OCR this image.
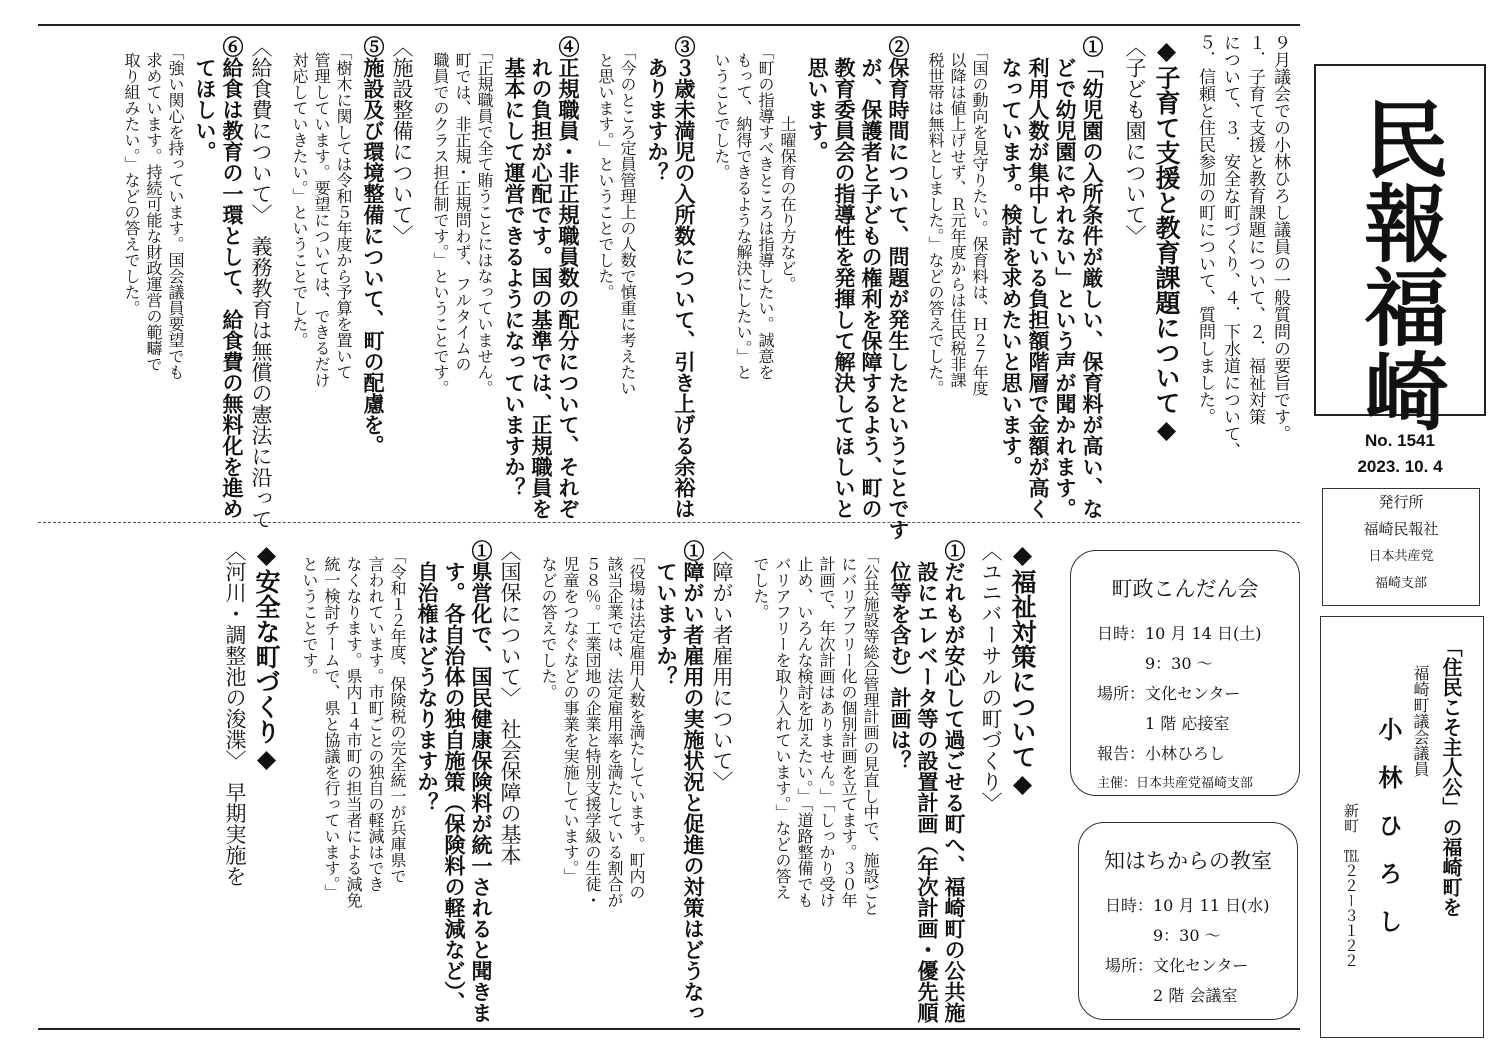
民報福崎
No. 1541
2023. 10. 4
発行所
福崎民報社
日本共産党
福崎支部
「住民こそ主人公」の福崎町を
福崎町議会議員
小　林　ひ　ろ　し
新町　℡２２ー３１２２
９月議会での小林ひろし議員の一般質問の要旨です。
１．子育て支援と教育課題について、２．福祉対策
について、３．安全な町づくり、４．下水道について、
５．信頼と住民参加の町について、質問しました。
◆子育て支援と教育課題について◆
〈子ども園について〉
①「幼児園の入所条件が厳しい、保育料が高い、な
　どで幼児園にやれない」という声が聞かれます。
　利用人数が集中している負担額階層で金額が高く
　なっています。検討を求めたいと思います。
　「国の動向を見守りたい。保育料は、Ｈ２７年度
　以降は値上げせず、Ｒ元年度からは住民税非課
　税世帯は無料としました。」などの答えでした。
②保育時間について、問題が発生したということです
　が、保護者と子どもの権利を保障するよう、町の
　教育委員会の指導性を発揮して解決してほしいと
　思います。
　　　　　土曜保育の在り方など。
　「町の指導すべきところは指導したい。誠意を
　もって、納得できるような解決にしたい。」と
　いうことでした。
③３歳未満児の入所数について、引き上げる余裕は
　ありますか？
　「今のところ定員管理上の人数で慎重に考えたい
　と思います。」ということでした。
④正規職員・非正規職員数の配分について、それぞ
　れの負担が心配です。国の基準では、正規職員を
　基本にして運営できるようになっていますか？
　「正規職員で全て賄うことにはなっていません。
　町では、非正規・正規問わず、フルタイムの
　職員でのクラス担任制です。」ということです。
〈施設整備について〉
⑤施設及び環境整備について、町の配慮を。
　「樹木に関しては令和５年度から予算を置いて
　管理しています。要望については、できるだけ
　対応していきたい。」ということでした。
〈給食費について〉　義務教育は無償の憲法に沿って
⑥給食は教育の一環として、給食費の無料化を進め
　てほしい。
　「強い関心を持っています。国会議員要望でも
　求めています。持続可能な財政運営の範疇で
　取り組みたい。」などの答えでした。
◆福祉対策について◆
〈ユニバーサルの町づくり〉
①だれもが安心して過ごせる町へ、福崎町の公共施
　設にエレベータ等の設置計画（年次計画・優先順
　位等を含む）計画は？
　「公共施設等総合管理計画の見直し中で、施設ごと
　にバリアフリー化の個別計画を立てます。３０年
　計画で、年次計画はありません。」「しっかり受け
　止め、いろんな検討を加えたい。」「道路整備でも
　バリアフリーを取り入れています。」などの答え
　でした。
〈障がい者雇用について〉
①障がい者雇用の実施状況と促進の対策はどうなっ
　ていますか？
　「役場は法定雇用人数を満たしています。町内の
　該当企業では、法定雇用率を満たしている割合が
　５８％。工業団地の企業と特別支援学級の生徒・
　児童をつなぐなどの事業を実施しています。」
　などの答えでした。
〈国保について〉　社会保障の基本
①県営化で、国民健康保険料が統一されると聞きま
　す。各自治体の独自施策（保険料の軽減など）、
　自治権はどうなりますか？
　「令和１２年度、保険税の完全統一が兵庫県で
　言われています。市町ごとの独自の軽減はでき
　なくなります。県内１４市町の担当者による減免
　統一検討チームで、県と協議を行っています。」
　ということです。
◆安全な町づくり◆
〈河川・調整池の浚渫〉　早期実施を	町政こんだん会
日時：10 月 14 日(土)
　　　9：30 〜
場所：文化センター
　　　1 階 応接室
報告：小林ひろし
主催：日本共産党福崎支部
知はちからの教室
日時：10 月 11 日(水)
　　　9：30 〜
場所：文化センター
　　　2 階 会議室
